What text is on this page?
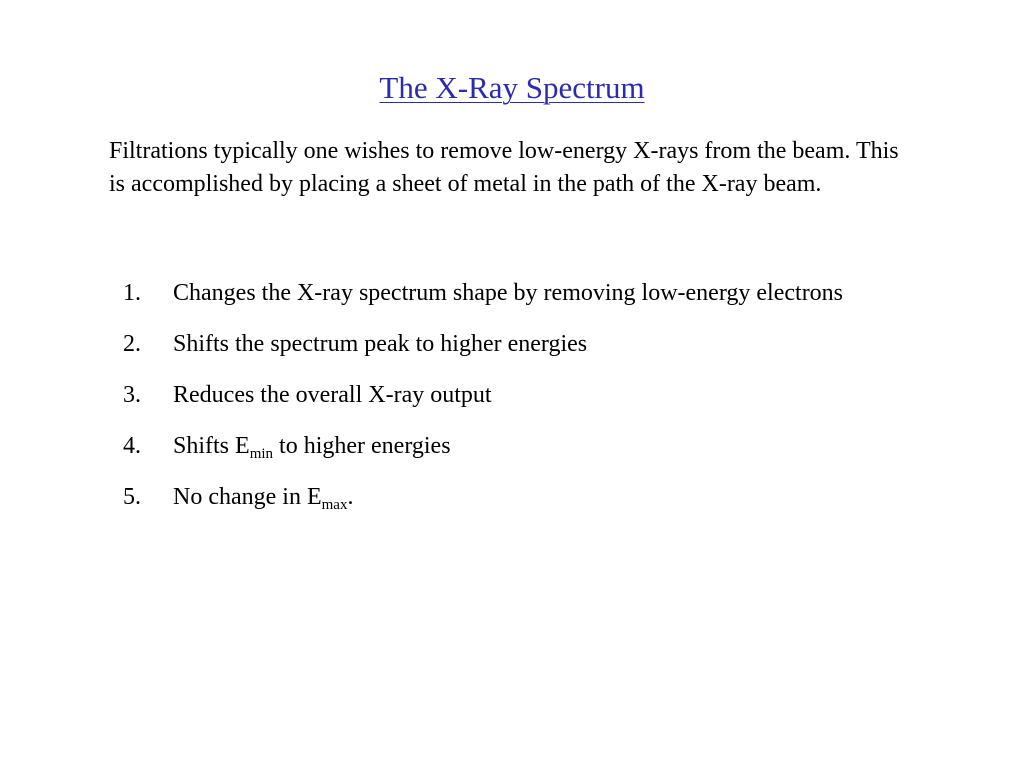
The X-Ray Spectrum

Filtrations typically one wishes to remove low-energy X-rays from the beam. This is accomplished by placing a sheet of metal in the path of the X-ray beam.

1.	Changes the X-ray spectrum shape by removing low-energy electrons
2.	Shifts the spectrum peak to higher energies
3.	Reduces the overall X-ray output
4.	Shifts $E_{min}$ to higher energies
5.	No change in $E_{max}$.
